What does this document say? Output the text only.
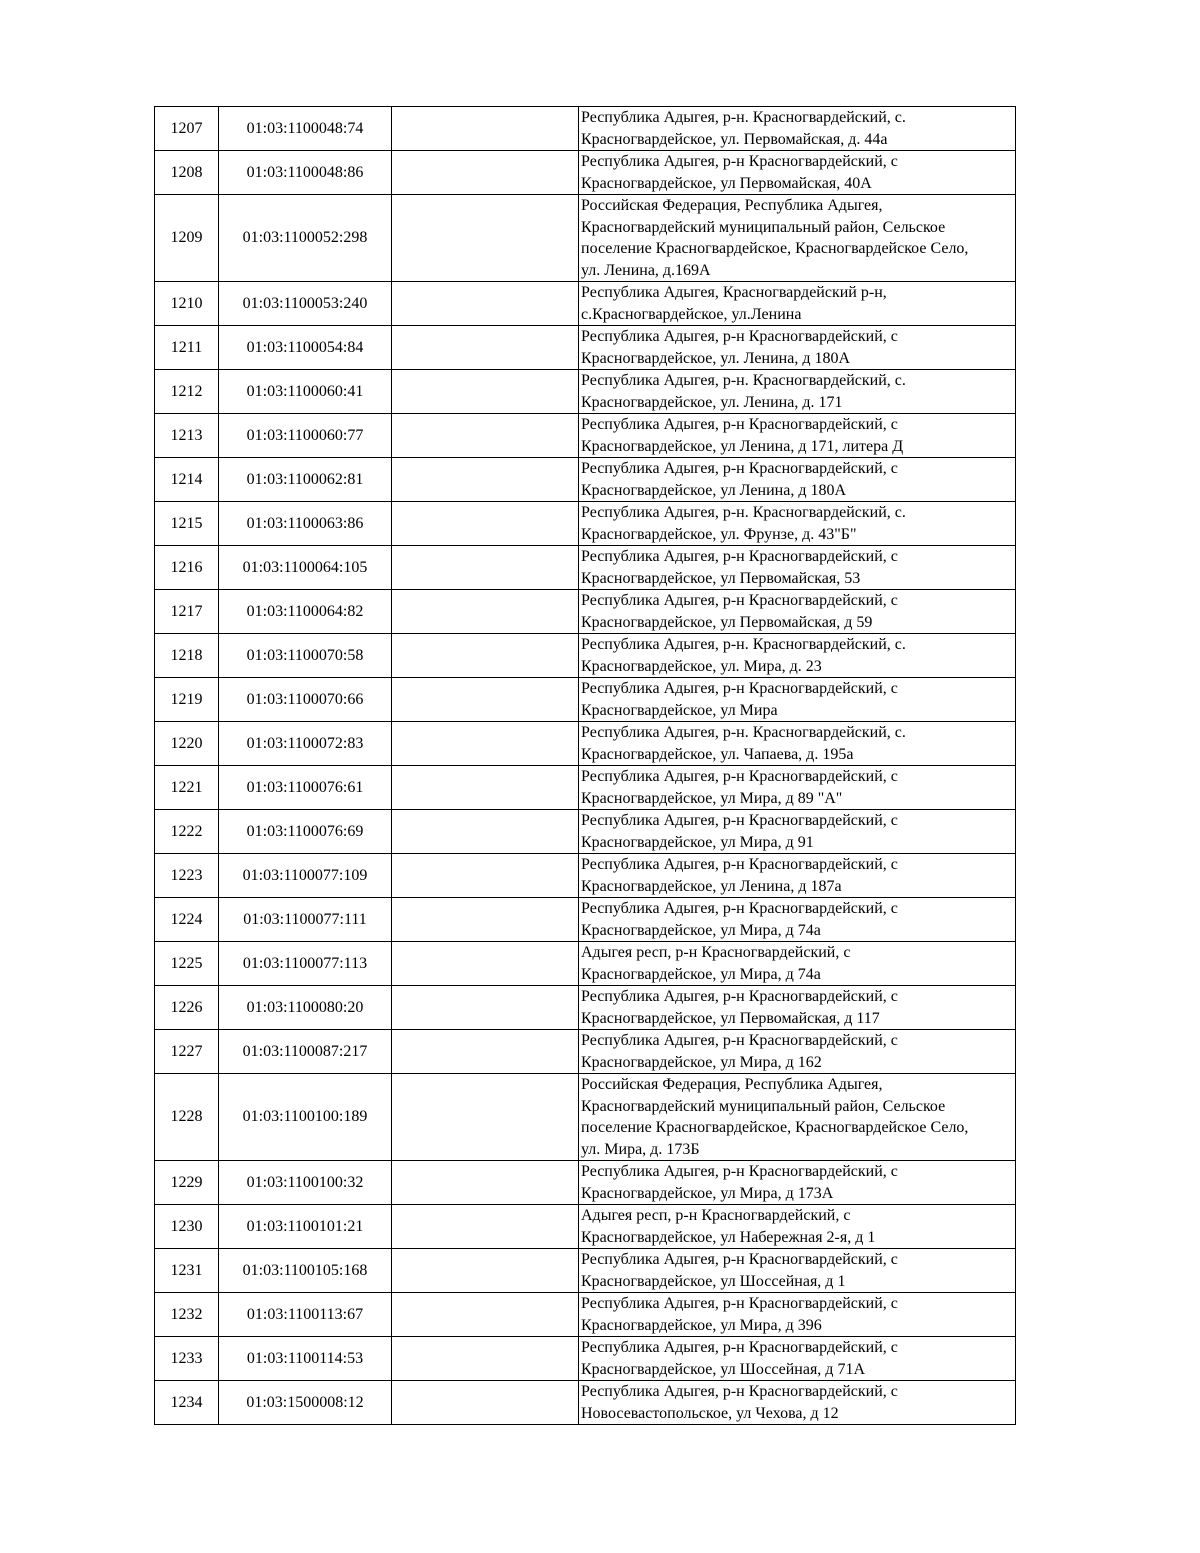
1207	01:03:1100048:74		Республика Адыгея, р-н. Красногвардейский, с.
Красногвардейское, ул. Первомайская, д. 44а
1208	01:03:1100048:86		Республика Адыгея, р-н Красногвардейский, с
Красногвардейское, ул Первомайская, 40А
1209	01:03:1100052:298		Российская Федерация, Республика Адыгея,
Красногвардейский муниципальный район, Сельское
поселение Красногвардейское, Красногвардейское Село,
ул. Ленина, д.169А
1210	01:03:1100053:240		Республика Адыгея, Красногвардейский р-н,
с.Красногвардейское, ул.Ленина
1211	01:03:1100054:84		Республика Адыгея, р-н Красногвардейский, с
Красногвардейское, ул. Ленина, д 180А
1212	01:03:1100060:41		Республика Адыгея, р-н. Красногвардейский, с.
Красногвардейское, ул. Ленина, д. 171
1213	01:03:1100060:77		Республика Адыгея, р-н Красногвардейский, с
Красногвардейское, ул Ленина, д 171, литера Д
1214	01:03:1100062:81		Республика Адыгея, р-н Красногвардейский, с
Красногвардейское, ул Ленина, д 180А
1215	01:03:1100063:86		Республика Адыгея, р-н. Красногвардейский, с.
Красногвардейское, ул. Фрунзе, д. 43"Б"
1216	01:03:1100064:105		Республика Адыгея, р-н Красногвардейский, с
Красногвардейское, ул Первомайская, 53
1217	01:03:1100064:82		Республика Адыгея, р-н Красногвардейский, с
Красногвардейское, ул Первомайская, д 59
1218	01:03:1100070:58		Республика Адыгея, р-н. Красногвардейский, с.
Красногвардейское, ул. Мира, д. 23
1219	01:03:1100070:66		Республика Адыгея, р-н Красногвардейский, с
Красногвардейское, ул Мира
1220	01:03:1100072:83		Республика Адыгея, р-н. Красногвардейский, с.
Красногвардейское, ул. Чапаева, д. 195а
1221	01:03:1100076:61		Республика Адыгея, р-н Красногвардейский, с
Красногвардейское, ул Мира, д 89 "А"
1222	01:03:1100076:69		Республика Адыгея, р-н Красногвардейский, с
Красногвардейское, ул Мира, д 91
1223	01:03:1100077:109		Республика Адыгея, р-н Красногвардейский, с
Красногвардейское, ул Ленина, д 187а
1224	01:03:1100077:111		Республика Адыгея, р-н Красногвардейский, с
Красногвардейское, ул Мира, д 74а
1225	01:03:1100077:113		Адыгея респ, р-н Красногвардейский, с
Красногвардейское, ул Мира, д 74а
1226	01:03:1100080:20		Республика Адыгея, р-н Красногвардейский, с
Красногвардейское, ул Первомайская, д 117
1227	01:03:1100087:217		Республика Адыгея, р-н Красногвардейский, с
Красногвардейское, ул Мира, д 162
1228	01:03:1100100:189		Российская Федерация, Республика Адыгея,
Красногвардейский муниципальный район, Сельское
поселение Красногвардейское, Красногвардейское Село,
ул. Мира, д. 173Б
1229	01:03:1100100:32		Республика Адыгея, р-н Красногвардейский, с
Красногвардейское, ул Мира, д 173А
1230	01:03:1100101:21		Адыгея респ, р-н Красногвардейский, с
Красногвардейское, ул Набережная 2-я, д 1
1231	01:03:1100105:168		Республика Адыгея, р-н Красногвардейский, с
Красногвардейское, ул Шоссейная, д 1
1232	01:03:1100113:67		Республика Адыгея, р-н Красногвардейский, с
Красногвардейское, ул Мира, д 396
1233	01:03:1100114:53		Республика Адыгея, р-н Красногвардейский, с
Красногвардейское, ул Шоссейная, д 71А
1234	01:03:1500008:12		Республика Адыгея, р-н Красногвардейский, с
Новосевастопольское, ул Чехова, д 12
